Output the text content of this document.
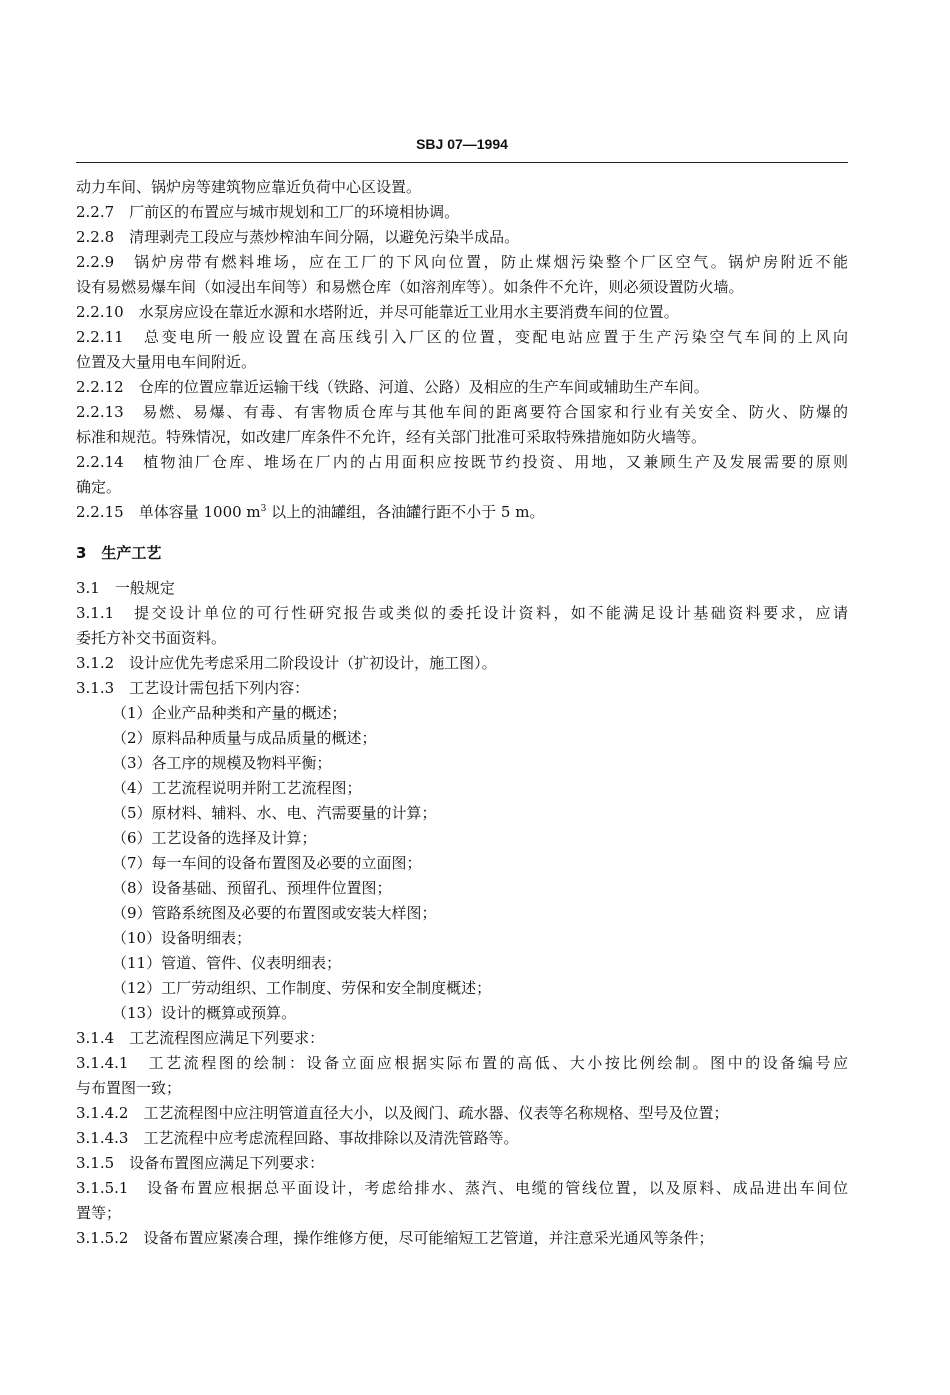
SBJ 07—1994
动力车间、锅炉房等建筑物应靠近负荷中心区设置。
2.2.7　厂前区的布置应与城市规划和工厂的环境相协调。
2.2.8　清理剥壳工段应与蒸炒榨油车间分隔，以避免污染半成品。
2.2.9　锅炉房带有燃料堆场，应在工厂的下风向位置，防止煤烟污染整个厂区空气。锅炉房附近不能
设有易燃易爆车间（如浸出车间等）和易燃仓库（如溶剂库等）。如条件不允许，则必须设置防火墙。
2.2.10　水泵房应设在靠近水源和水塔附近，并尽可能靠近工业用水主要消费车间的位置。
2.2.11　总变电所一般应设置在高压线引入厂区的位置，变配电站应置于生产污染空气车间的上风向
位置及大量用电车间附近。
2.2.12　仓库的位置应靠近运输干线（铁路、河道、公路）及相应的生产车间或辅助生产车间。
2.2.13　易燃、易爆、有毒、有害物质仓库与其他车间的距离要符合国家和行业有关安全、防火、防爆的
标准和规范。特殊情况，如改建厂库条件不允许，经有关部门批准可采取特殊措施如防火墙等。
2.2.14　植物油厂仓库、堆场在厂内的占用面积应按既节约投资、用地，又兼顾生产及发展需要的原则
确定。
2.2.15　单体容量 1000 $m^3$ 以上的油罐组，各油罐行距不小于 5 m。
3　生产工艺
3.1　一般规定
3.1.1　提交设计单位的可行性研究报告或类似的委托设计资料，如不能满足设计基础资料要求，应请
委托方补交书面资料。
3.1.2　设计应优先考虑采用二阶段设计（扩初设计，施工图）。
3.1.3　工艺设计需包括下列内容：
（1）企业产品种类和产量的概述；
（2）原料品种质量与成品质量的概述；
（3）各工序的规模及物料平衡；
（4）工艺流程说明并附工艺流程图；
（5）原材料、辅料、水、电、汽需要量的计算；
（6）工艺设备的选择及计算；
（7）每一车间的设备布置图及必要的立面图；
（8）设备基础、预留孔、预埋件位置图；
（9）管路系统图及必要的布置图或安装大样图；
（10）设备明细表；
（11）管道、管件、仪表明细表；
（12）工厂劳动组织、工作制度、劳保和安全制度概述；
（13）设计的概算或预算。
3.1.4　工艺流程图应满足下列要求：
3.1.4.1　工艺流程图的绘制：设备立面应根据实际布置的高低、大小按比例绘制。图中的设备编号应
与布置图一致；
3.1.4.2　工艺流程图中应注明管道直径大小，以及阀门、疏水器、仪表等名称规格、型号及位置；
3.1.4.3　工艺流程中应考虑流程回路、事故排除以及清洗管路等。
3.1.5　设备布置图应满足下列要求：
3.1.5.1　设备布置应根据总平面设计，考虑给排水、蒸汽、电缆的管线位置，以及原料、成品进出车间位
置等；
3.1.5.2　设备布置应紧凑合理，操作维修方便，尽可能缩短工艺管道，并注意采光通风等条件；
